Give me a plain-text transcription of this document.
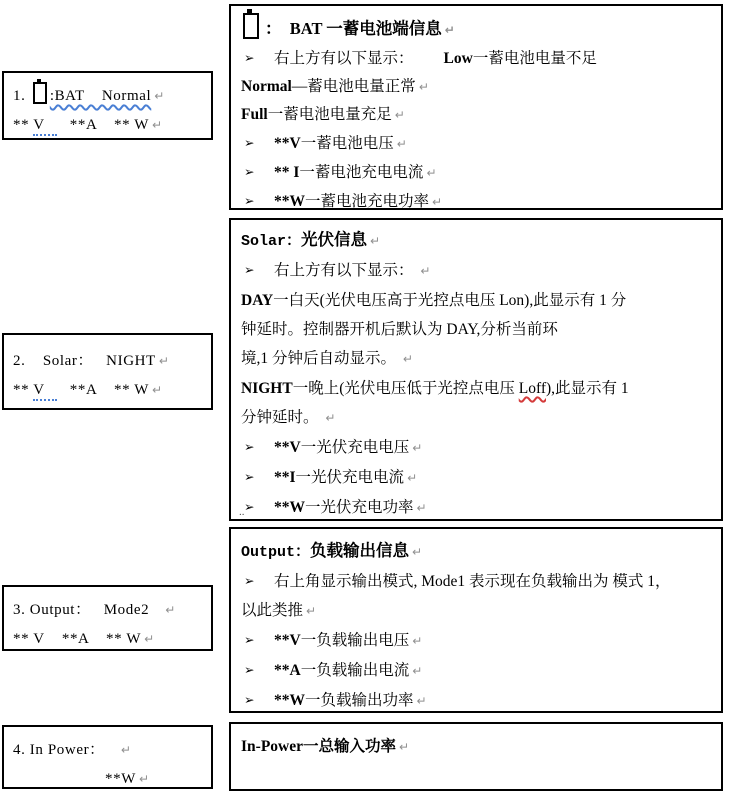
1. :BAT    Normal ↵
** V   **A    ** W ↵
2.    Solar：   NIGHT ↵
** V   **A    ** W ↵
3. Output：   Mode2   ↵
** V    **A    ** W ↵
4. In Power：   ↵
**W ↵
：  BAT 一蓄电池端信息 ↵
➢ 右上方有以下显示： Low一蓄电池电量不足
Normal—蓄电池电量正常 ↵
Full一蓄电池电量充足 ↵
➢ **V一蓄电池电压 ↵
➢ ** I一蓄电池充电电流 ↵
➢ **W一蓄电池充电功率 ↵
Solar：光伏信息 ↵
➢ 右上方有以下显示： ↵
DAY一白天(光伏电压高于光控点电压 Lon),此显示有 1 分
钟延时。控制器开机后默认为 DAY,分析当前环
境,1 分钟后自动显示。 ↵
NIGHT一晚上(光伏电压低于光控点电压 Loff),此显示有 1
分钟延时。 ↵
➢ **V一光伏充电电压 ↵
➢ **I一光伏充电电流 ↵
➢ **W一光伏充电功率 ↵
..
Output：负载输出信息 ↵
➢ 右上角显示输出模式, Mode1 表示现在负载输出为 模式 1，
以此类推 ↵
➢ **V一负载输出电压 ↵
➢ **A一负载输出电流 ↵
➢ **W一负载输出功率 ↵
In-Power一总输入功率 ↵
